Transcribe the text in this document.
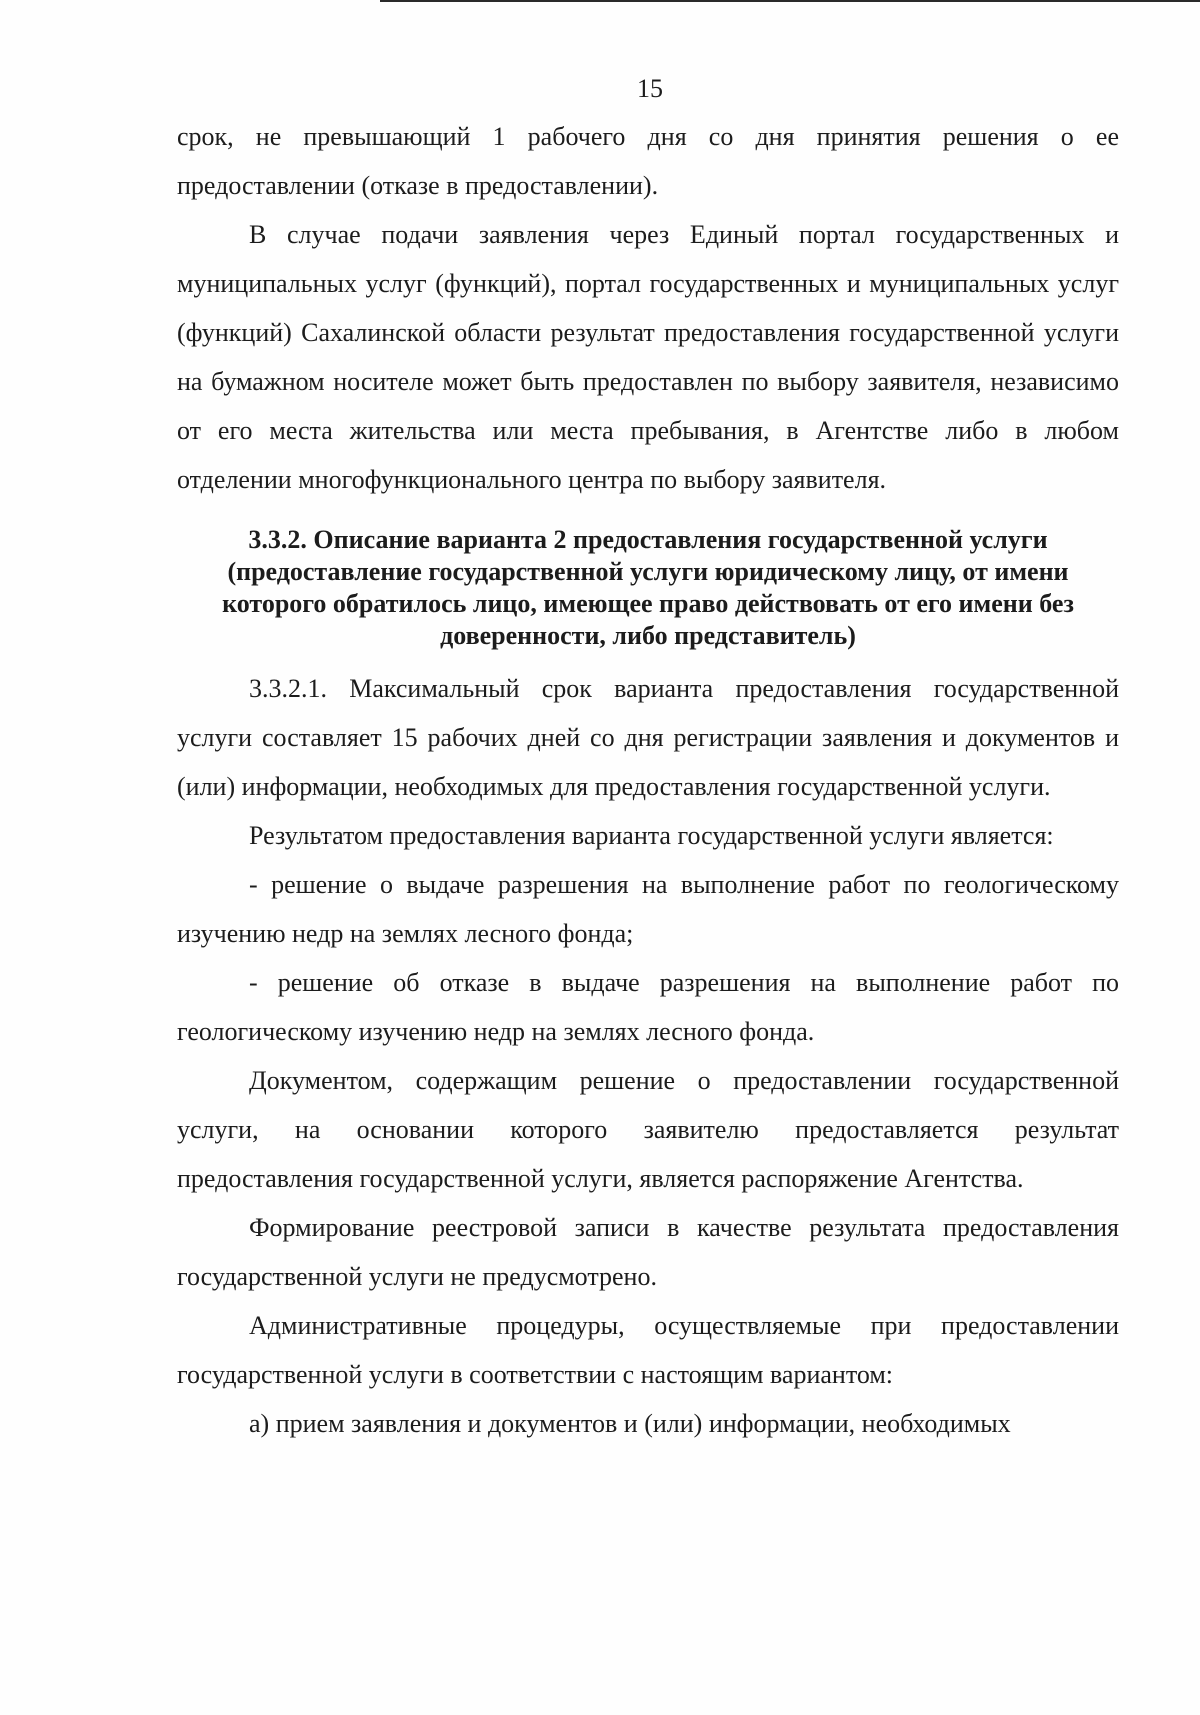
15

срок, не превышающий 1 рабочего дня со дня принятия решения о ее предоставлении (отказе в предоставлении).

В случае подачи заявления через Единый портал государственных и муниципальных услуг (функций), портал государственных и муниципальных услуг (функций) Сахалинской области результат предоставления государственной услуги на бумажном носителе может быть предоставлен по выбору заявителя, независимо от его места жительства или места пребывания, в Агентстве либо в любом отделении многофункционального центра по выбору заявителя.

3.3.2. Описание варианта 2 предоставления государственной услуги (предоставление государственной услуги юридическому лицу, от имени которого обратилось лицо, имеющее право действовать от его имени без доверенности, либо представитель)

3.3.2.1. Максимальный срок варианта предоставления государственной услуги составляет 15 рабочих дней со дня регистрации заявления и документов и (или) информации, необходимых для предоставления государственной услуги.

Результатом предоставления варианта государственной услуги является:

- решение о выдаче разрешения на выполнение работ по геологическому изучению недр на землях лесного фонда;

- решение об отказе в выдаче разрешения на выполнение работ по геологическому изучению недр на землях лесного фонда.

Документом, содержащим решение о предоставлении государственной услуги, на основании которого заявителю предоставляется результат предоставления государственной услуги, является распоряжение Агентства.

Формирование реестровой записи в качестве результата предоставления государственной услуги не предусмотрено.

Административные процедуры, осуществляемые при предоставлении государственной услуги в соответствии с настоящим вариантом:

а) прием заявления и документов и (или) информации, необходимых
